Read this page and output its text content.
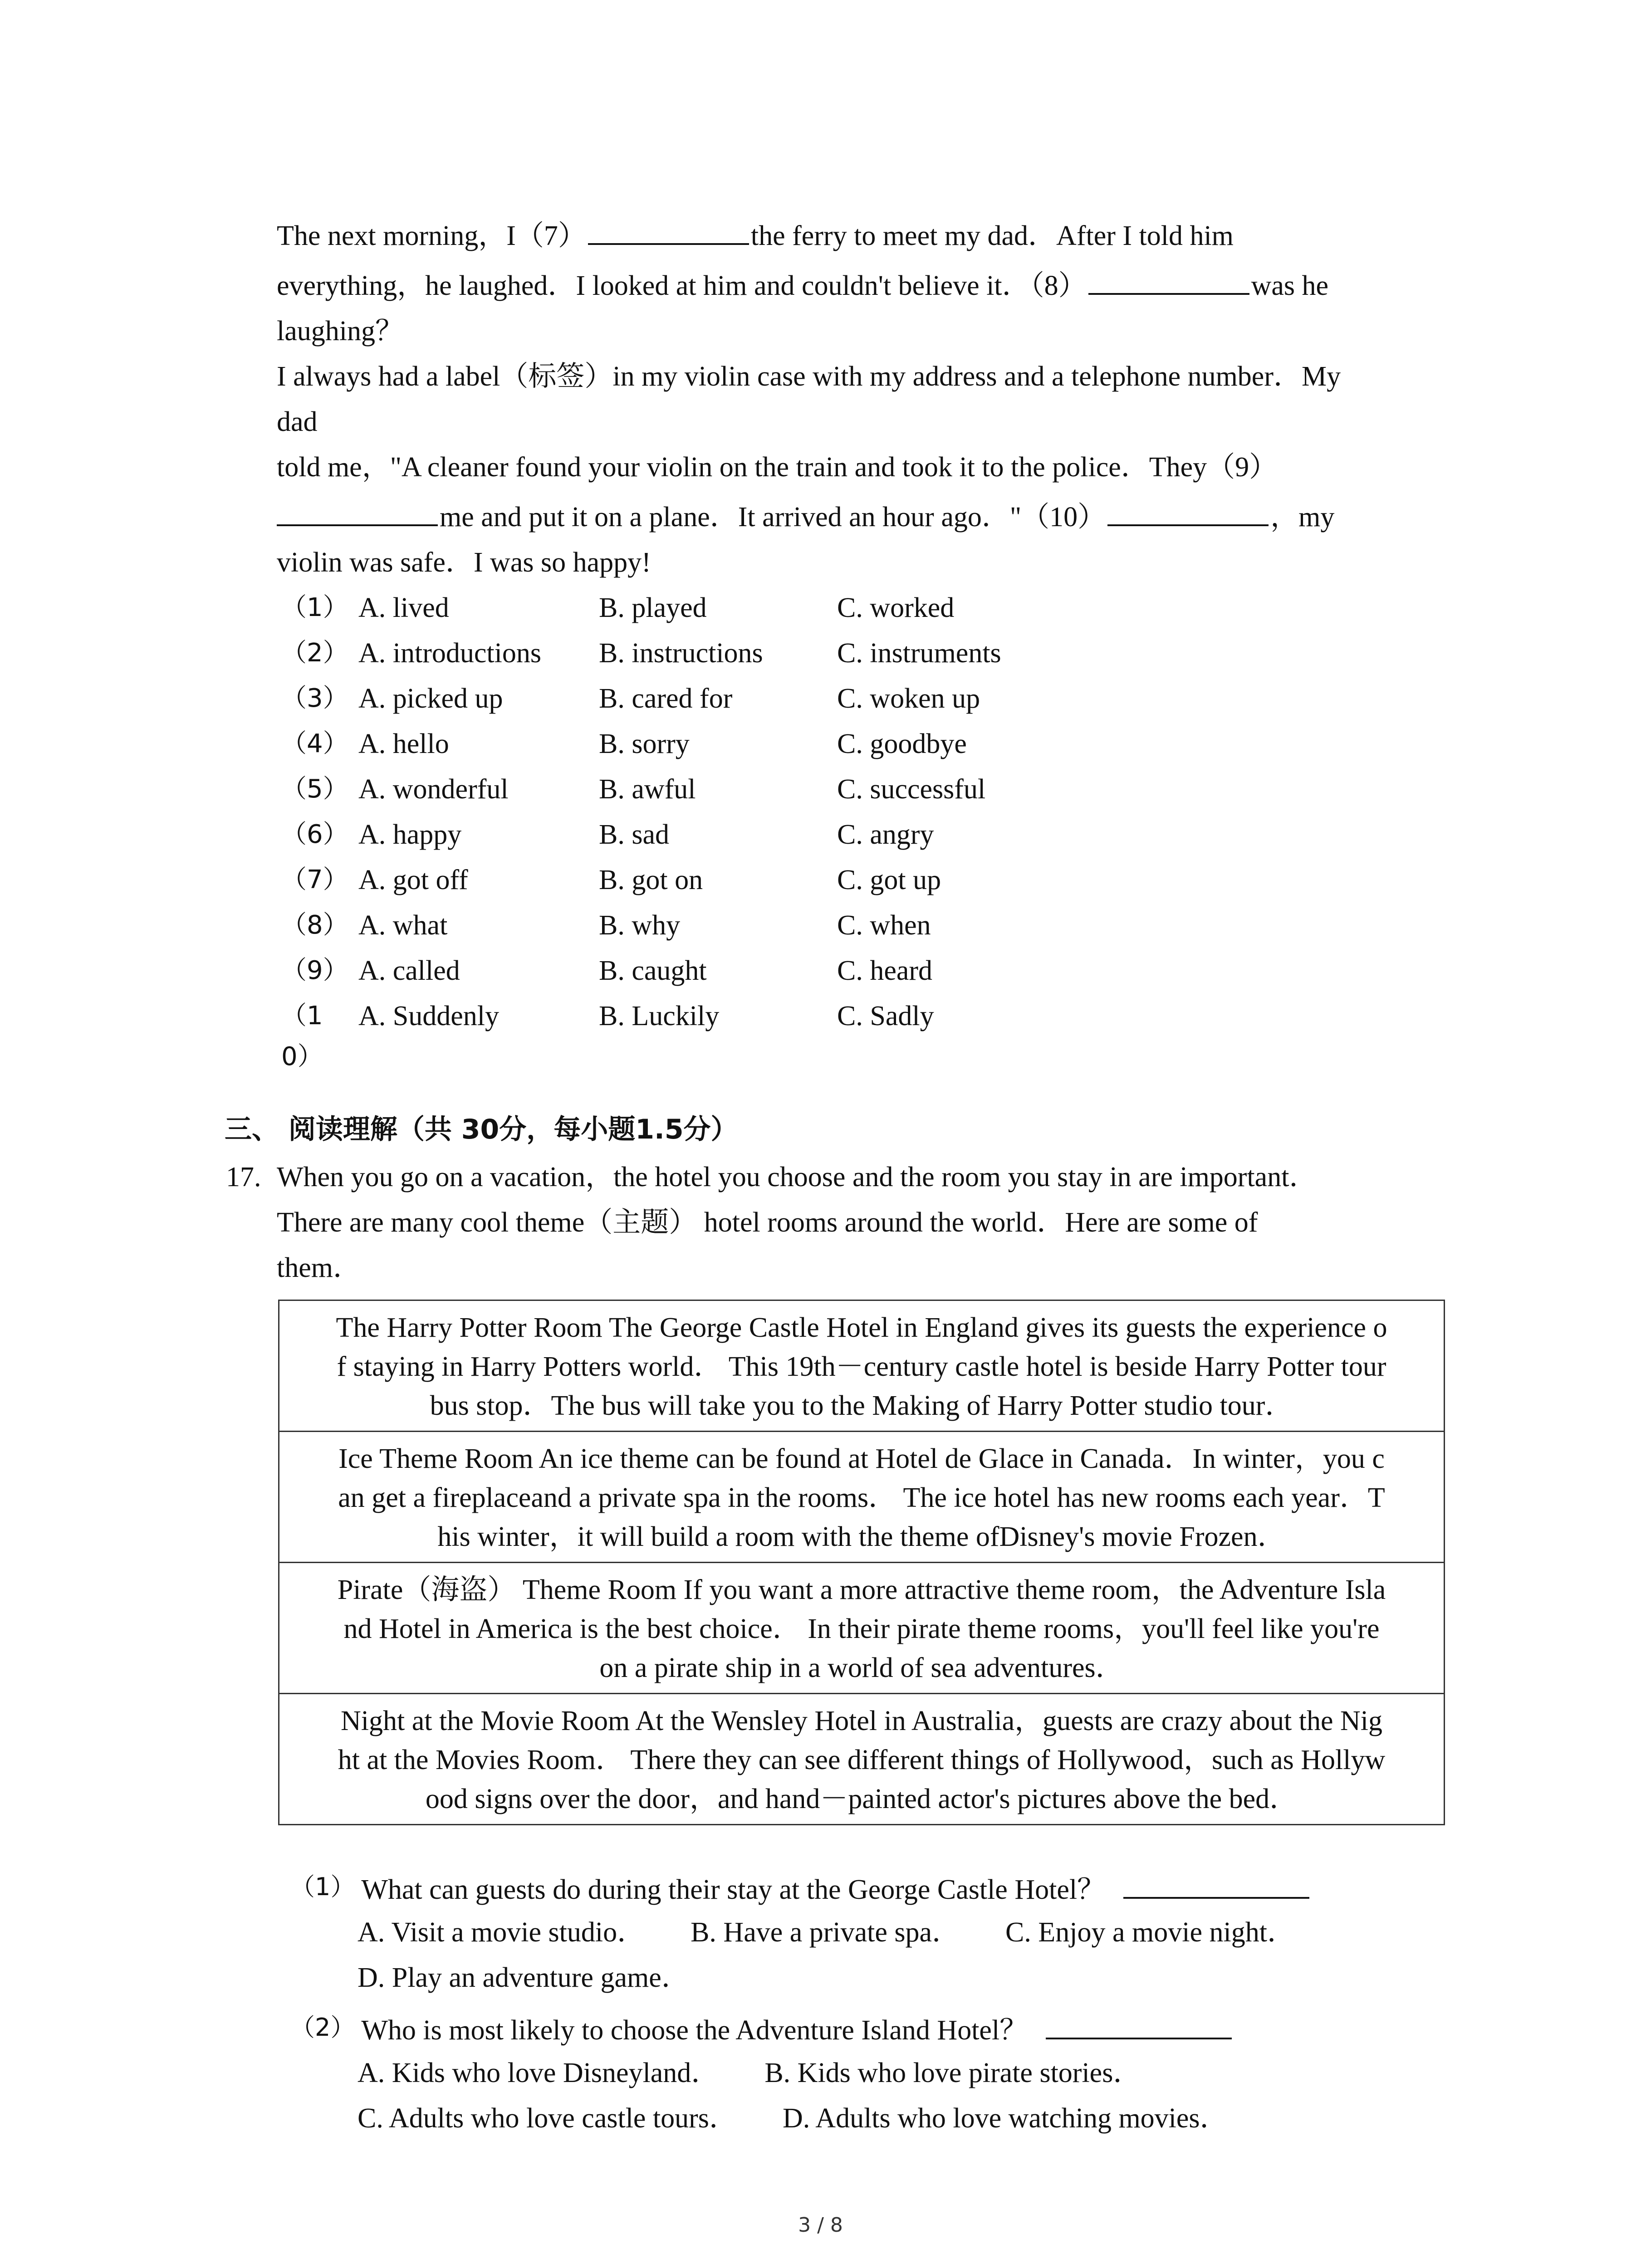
The next morning，I（7）	the ferry to meet my dad．After I told him
everything，he laughed．I looked at him and couldn't believe it．（8）	was he
laughing？
I always had a label（标签）in my violin case with my address and a telephone number．My
dad
told me，"A cleaner found your violin on the train and took it to the police．They（9）
me and put it on a plane．It arrived an hour ago．"（10）	，my
violin was safe．I was so happy!
（1） A. lived	B. played	C. worked
（2） A. introductions B. instructions	C. instruments
（3） A. picked up	B. cared for	C. woken up
（4） A. hello	B. sorry	C. goodbye
（5） A. wonderful	B. awful	C. successful
（6） A. happy	B. sad	C. angry
（7） A. got off	B. got on	C. got up
（8） A. what	B. why	C. when
（9） A. called	B. caught	C. heard
（1	A. Suddenly	B. Luckily	C. Sadly
0）
三、 阅读理解（共 30分，每小题1.5分）
17. When you go on a vacation，the hotel you choose and the room you stay in are important．
There are many cool theme（主题） hotel rooms around the world．Here are some of
them．
The Harry Potter Room The George Castle Hotel in England gives its guests the experience o
f staying in Harry Potters world． This 19th－century castle hotel is beside Harry Potter tour
bus stop．The bus will take you to the Making of Harry Potter studio tour．

Ice Theme Room An ice theme can be found at Hotel de Glace in Canada．In winter，you c
an get a fireplaceand a private spa in the rooms． The ice hotel has new rooms each year．T
his winter，it will build a room with the theme ofDisney's movie Frozen．

Pirate（海盗） Theme Room If you want a more attractive theme room，the Adventure Isla
nd Hotel in America is the best choice． In their pirate theme rooms，you'll feel like you're
on a pirate ship in a world of sea adventures．

Night at the Movie Room At the Wensley Hotel in Australia，guests are crazy about the Nig
ht at the Movies Room． There they can see different things of Hollywood，such as Hollyw
ood signs over the door，and hand－painted actor's pictures above the bed．
（1） What can guests do during their stay at the George Castle Hotel？
A. Visit a movie studio． B. Have a private spa． C. Enjoy a movie night．
D. Play an adventure game．
（2） Who is most likely to choose the Adventure Island Hotel？
A. Kids who love Disneyland． B. Kids who love pirate stories．
C. Adults who love castle tours． D. Adults who love watching movies．
3 / 8
